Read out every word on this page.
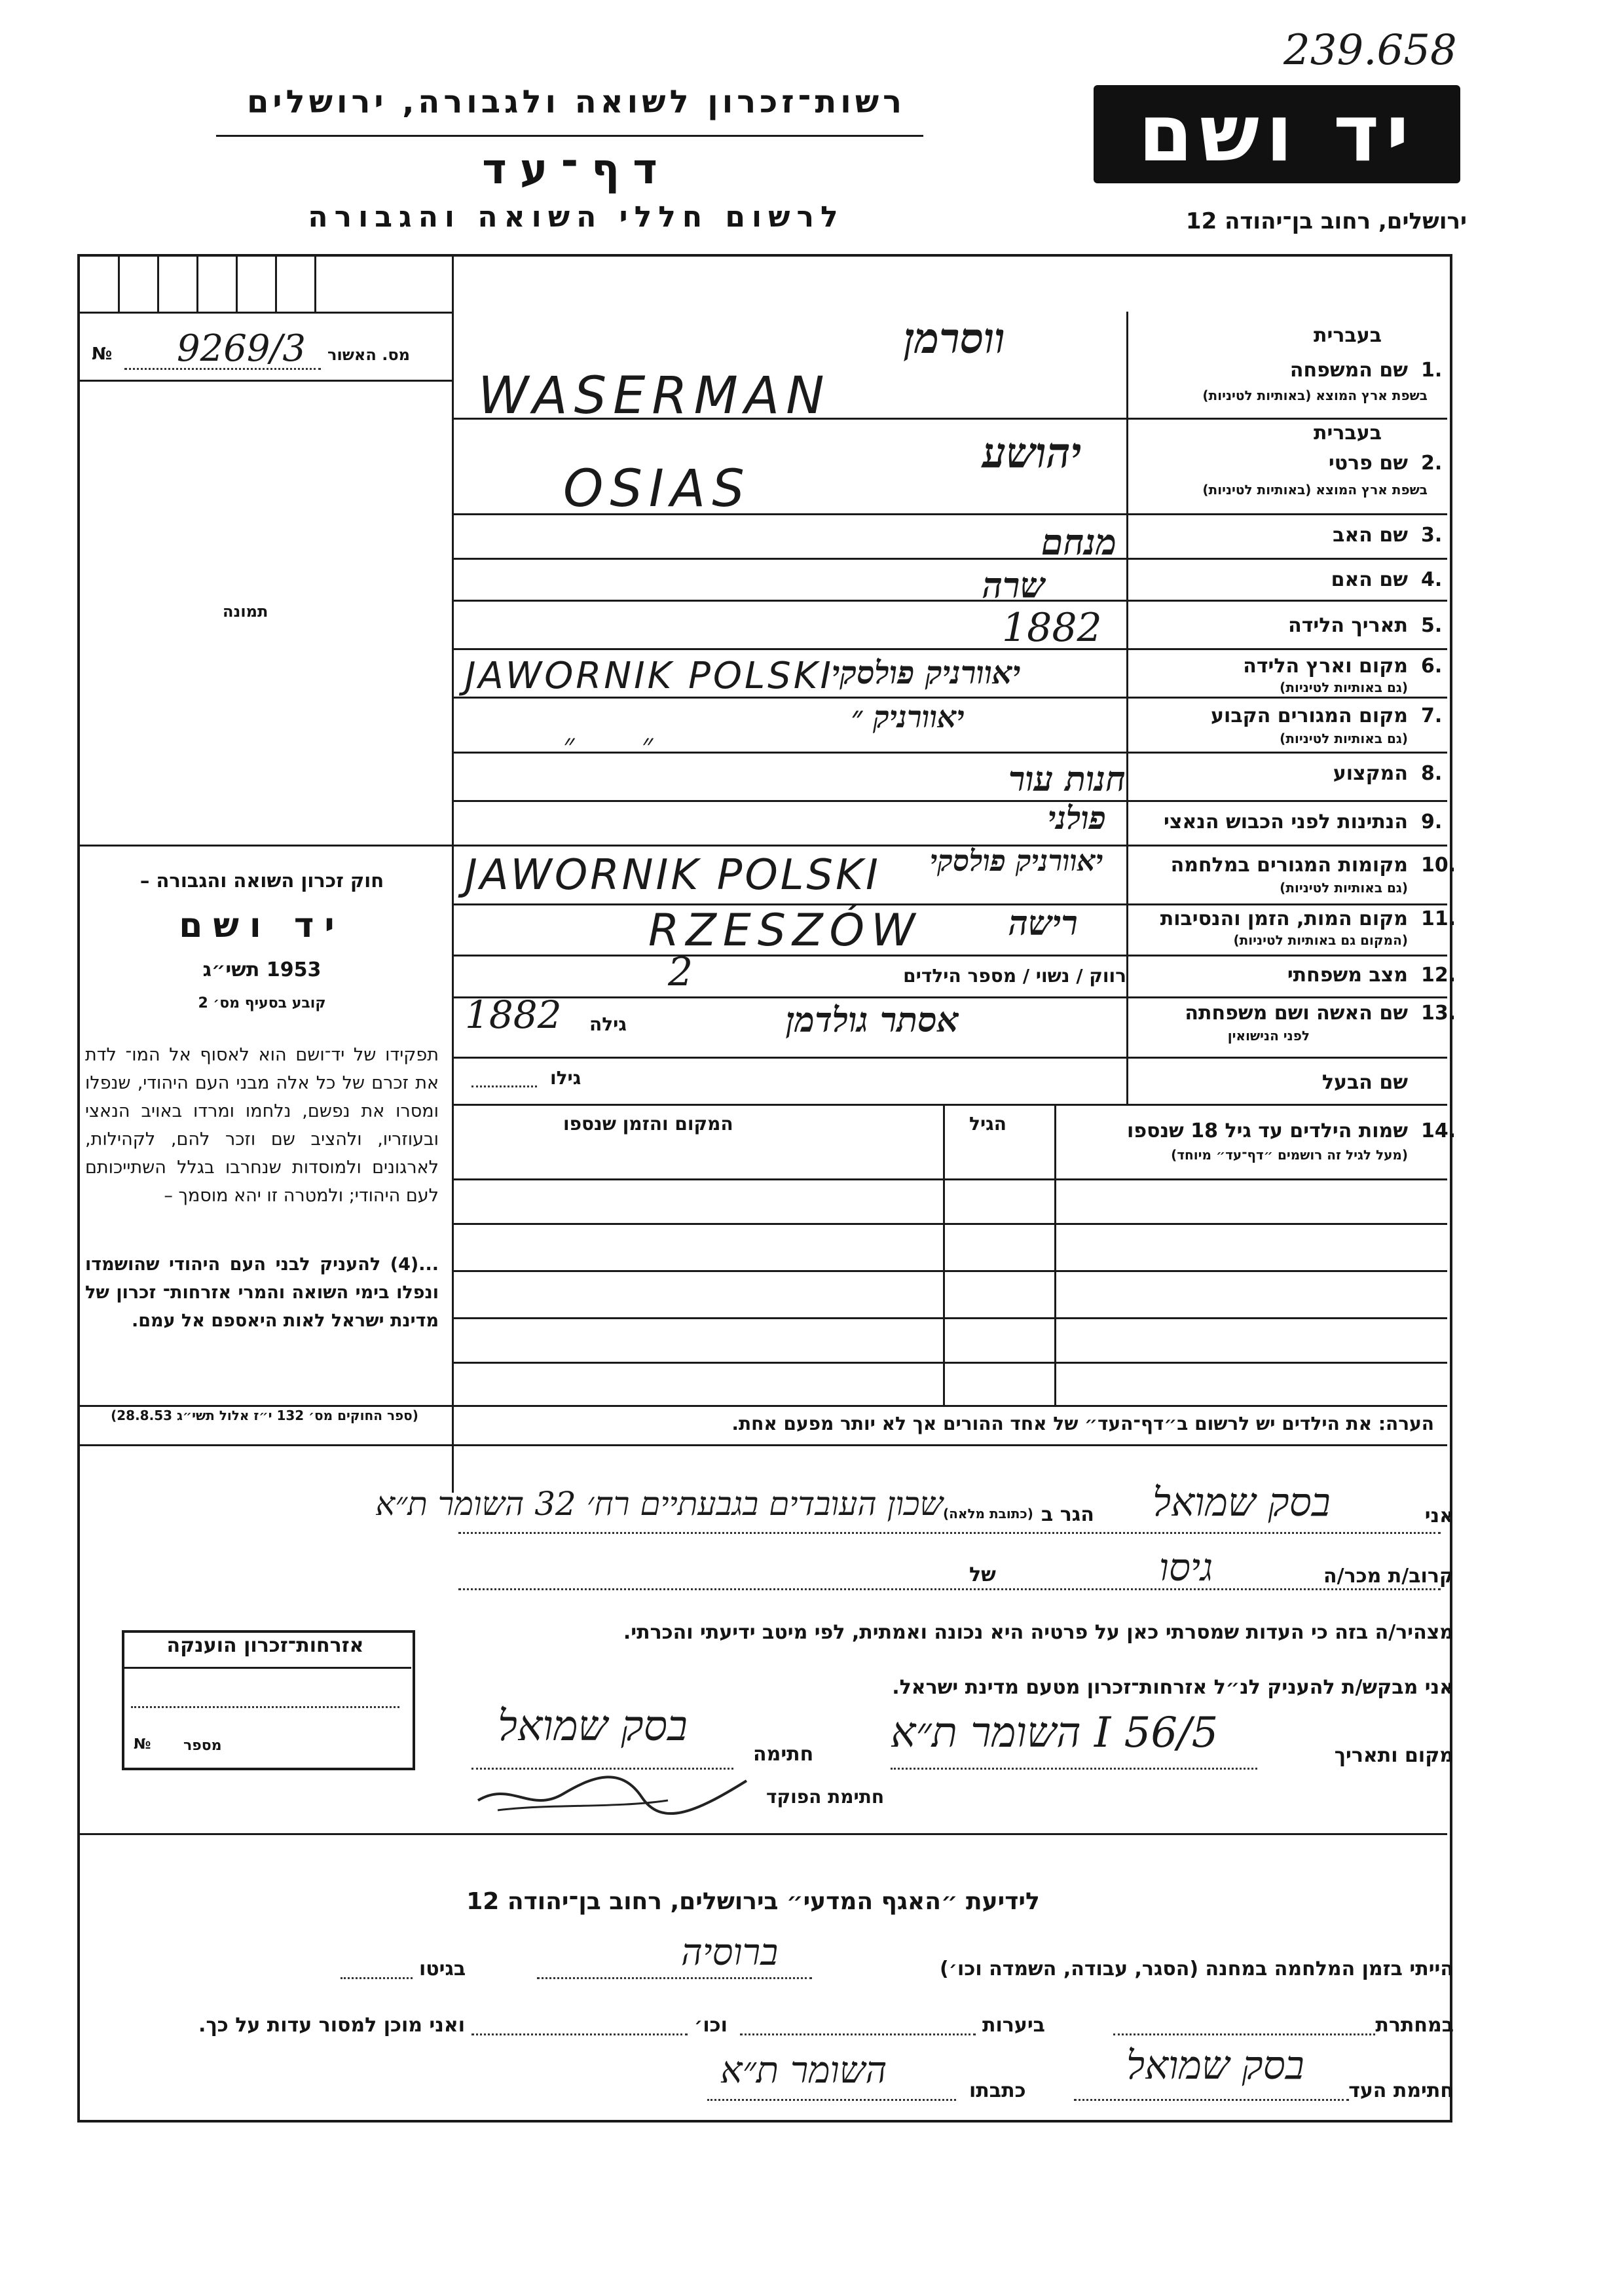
239.658
רשות־זכרון לשואה ולגבורה, ירושלים
דף־עד
לרשום חללי השואה והגבורה
יד ושם
ירושלים, רחוב בן־יהודה 12
מס. האשור
9269/3
№
תמונה
חוק זכרון השואה והגבורה –
יד ושם
1953 תשי״ג
קובע בסעיף מס׳ 2
תפקידו של יד־ושם הוא לאסוף אל המו־ לדת את זכרם של כל אלה מבני העם היהודי, שנפלו ומסרו את נפשם, נלחמו ומרדו באויב הנאצי ובעוזריו, ולהציב שם וזכר להם, לקהילות, לארגונים ולמוסדות שנחרבו בגלל השתייכותם לעם היהודי; ולמטרה זו יהא מוסמך –
...(4) להעניק לבני העם היהודי שהושמדו ונפלו בימי השואה והמרי אזרחות־ זכרון של מדינת ישראל לאות היאספם אל עמם.
(ספר החוקים מס׳ 132 י״ז אלול תשי״ג 28.8.53)
בעברית
שם המשפחה 1.
בשפת ארץ המוצא (באותיות לטיניות)
ווסרמן
WASERMAN
בעברית
שם פרטי 2.
בשפת ארץ המוצא (באותיות לטיניות)
יהושע
OSIAS
שם האב 3.
מנחם
שם האם 4.
שרה
תאריך הלידה 5.
1882
מקום וארץ הלידה 6.
(גם באותיות לטיניות)
JAWORNIK POLSKI
יאוורניק פולסקי
מקום המגורים הקבוע 7.
(גם באותיות לטיניות)
יאוורניק ״
״       ״
המקצוע 8.
חנות עור
הנתינות לפני הכבוש הנאצי 9.
פולני
מקומות המגורים במלחמה 10.
(גם באותיות לטיניות)
JAWORNIK POLSKI יאוורניק פולסקי
מקום המות, הזמן והנסיבות 11.
(המקום גם באותיות לטיניות)
RZESZÓW	רישה
מצב משפחתי 12.
רווק / נשוי / מספר הילדים
2
שם האשה ושם משפחתה 13.
לפני הנישואין
אסתר גולדמן
גילה
1882
שם הבעל
גילו
שמות הילדים עד גיל 18 שנספו 14.
(מעל לגיל זה רושמים ״דף־עד״ מיוחד)
הגיל
המקום והזמן שנספו
הערה: את הילדים יש לרשום ב״דף־העד״ של אחד ההורים אך לא יותר מפעם אחת.
אני
בסק שמואל
הגר ב
(כתובת מלאה)
שכון העובדים בגבעתיים רח׳ 32 השומר ת״א
קרוב/ת מכר/ה
גיסו
של
מצהיר/ה בזה כי העדות שמסרתי כאן על פרטיה היא נכונה ואמתית, לפי מיטב ידיעתי והכרתי.
אני מבקש/ת להעניק לנ״ל אזרחות־זכרון מטעם מדינת ישראל.
מקום ותאריך
5/I 56 השומר ת״א
חתימה
בסק שמואל
חתימת הפוקד
אזרחות־זכרון הוענקה
מספר
№
לידיעת ״האגף המדעי״ בירושלים, רחוב בן־יהודה 12
הייתי בזמן המלחמה במחנה (הסגר, עבודה, השמדה וכו׳)
ברוסיה
בגיטו
במחתרת
ביערות
וכו׳
ואני מוכן למסור עדות על כך.
חתימת העד
בסק שמואל
כתבתו
השומר ת״א
